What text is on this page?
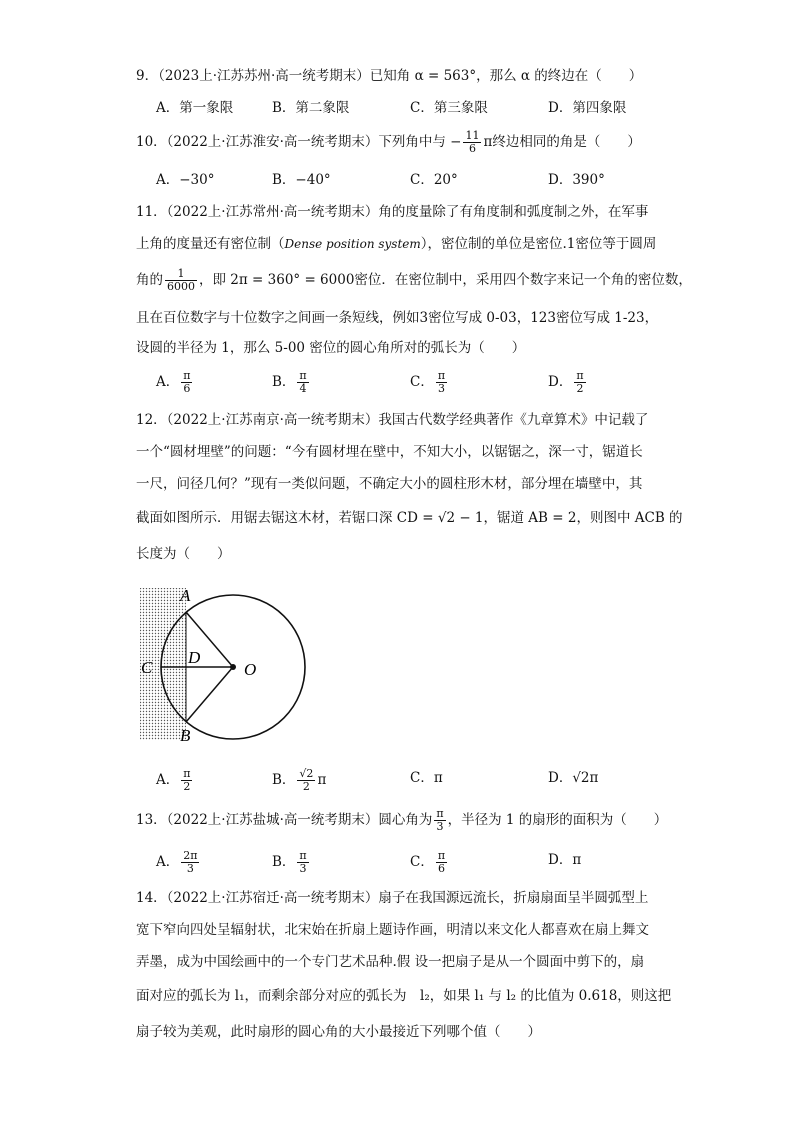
9．（2023上·江苏苏州·高一统考期末）已知角 α = 563°，那么 α 的终边在（　　）
A．第一象限	B．第二象限	C．第三象限	D．第四象限
10．（2022上·江苏淮安·高一统考期末）下列角中与 − $\frac{11}{6}$ π终边相同的角是（　　）
A．−30°	B．−40°	C．20°	D．390°
11．（2022上·江苏常州·高一统考期末）角的度量除了有角度制和弧度制之外，在军事
上角的度量还有密位制（Dense position system），密位制的单位是密位.1密位等于圆周
角的 $\frac{1}{6000}$ ，即 2π = 360° = 6000密位．在密位制中，采用四个数字来记一个角的密位数，
且在百位数字与十位数字之间画一条短线，例如3密位写成 0-03，123密位写成 1-23，
设圆的半径为 1，那么 5-00 密位的圆心角所对的弧长为（　　）
A． $\frac{\pi}{6}$	B． $\frac{\pi}{4}$	C． $\frac{\pi}{3}$	D． $\frac{\pi}{2}$
12．（2022上·江苏南京·高一统考期末）我国古代数学经典著作《九章算术》中记载了
一个“圆材埋壁”的问题：“今有圆材埋在壁中，不知大小，以锯锯之，深一寸，锯道长
一尺，问径几何？”现有一类似问题，不确定大小的圆柱形木材，部分埋在墙壁中，其
截面如图所示．用锯去锯这木材，若锯口深 CD = √2 − 1，锯道 AB = 2，则图中 ACB 的
长度为（　　）
A
B
C
D
O
A． $\frac{\pi}{2}$	B． $\frac{√2}{2}$ π	C．π	D．√2π
13．（2022上·江苏盐城·高一统考期末）圆心角为 $\frac{\pi}{3}$ ，半径为 1 的扇形的面积为（　　）
A． $\frac{2\pi}{3}$	B． $\frac{\pi}{3}$	C． $\frac{\pi}{6}$	D．π
14．（2022上·江苏宿迁·高一统考期末）扇子在我国源远流长，折扇扇面呈半圆弧型上
宽下窄向四处呈辐射状，北宋始在折扇上题诗作画，明清以来文化人都喜欢在扇上舞文
弄墨，成为中国绘画中的一个专门艺术品种.假 设一把扇子是从一个圆面中剪下的，扇
面对应的弧长为 l₁，而剩余部分对应的弧长为　l₂，如果 l₁ 与 l₂ 的比值为 0.618，则这把
扇子较为美观，此时扇形的圆心角的大小最接近下列哪个值（　　）
